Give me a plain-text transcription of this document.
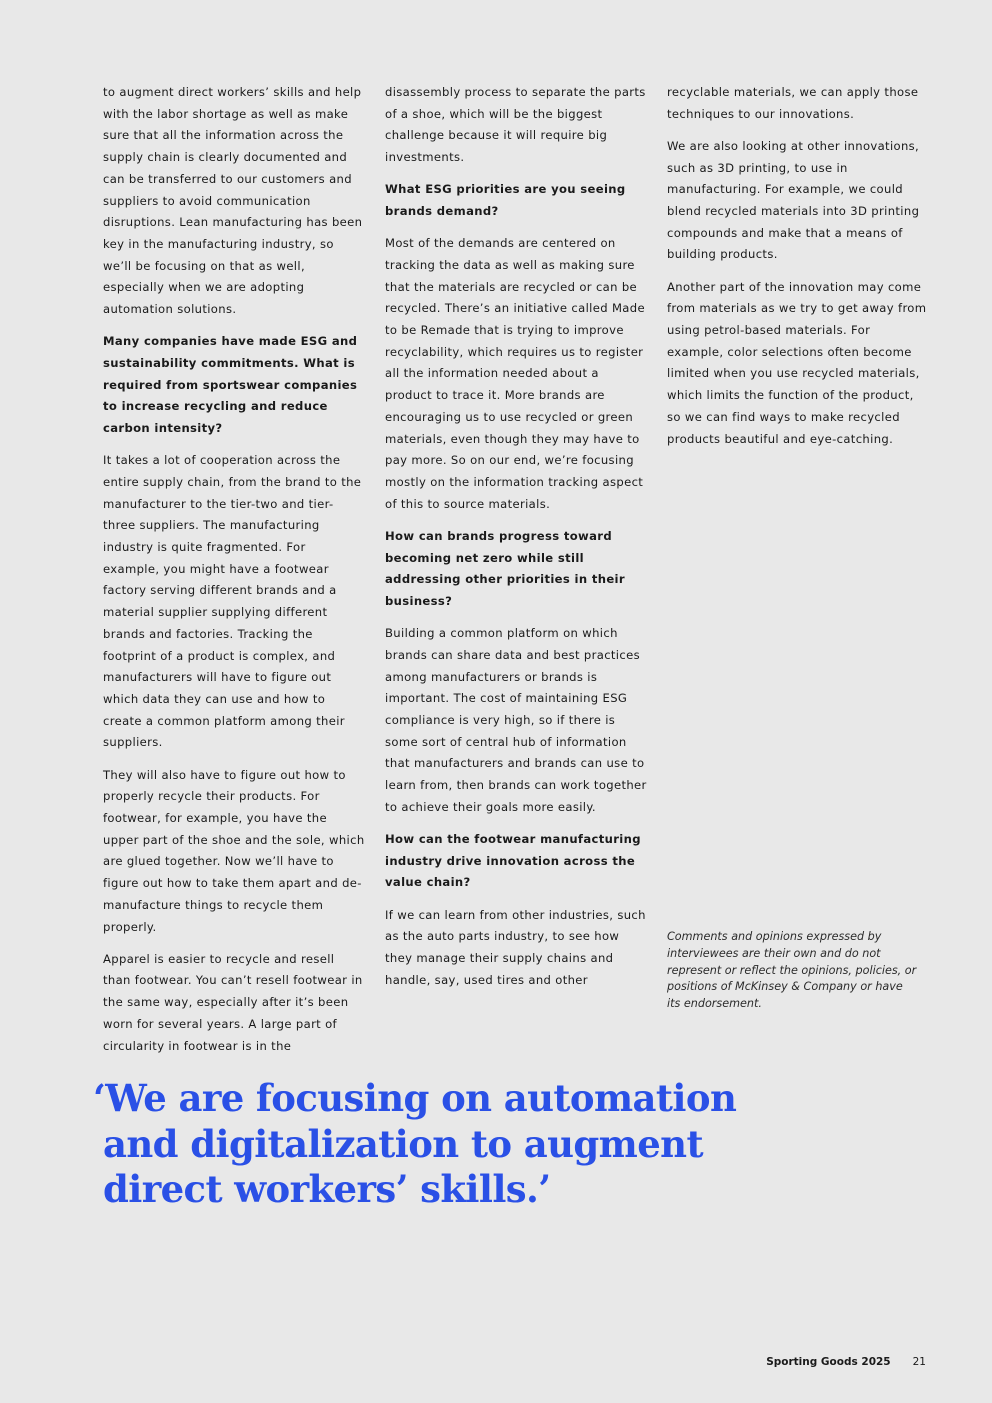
to augment direct workers’ skills and help with the labor shortage as well as make sure that all the information across the supply chain is clearly documented and can be transferred to our customers and suppliers to avoid communication disruptions. Lean manufacturing has been key in the manufacturing industry, so we’ll be focusing on that as well, especially when we are adopting automation solutions.

Many companies have made ESG and sustainability commitments. What is required from sportswear companies to increase recycling and reduce carbon intensity?

It takes a lot of cooperation across the entire supply chain, from the brand to the manufacturer to the tier-two and tier-three suppliers. The manufacturing industry is quite fragmented. For example, you might have a footwear factory serving different brands and a material supplier supplying different brands and factories. Tracking the footprint of a product is complex, and manufacturers will have to figure out which data they can use and how to create a common platform among their suppliers.

They will also have to figure out how to properly recycle their products. For footwear, for example, you have the upper part of the shoe and the sole, which are glued together. Now we’ll have to figure out how to take them apart and de-manufacture things to recycle them properly.

Apparel is easier to recycle and resell than footwear. You can’t resell footwear in the same way, especially after it’s been worn for several years. A large part of circularity in footwear is in the

disassembly process to separate the parts of a shoe, which will be the biggest challenge because it will require big investments.

What ESG priorities are you seeing brands demand?

Most of the demands are centered on tracking the data as well as making sure that the materials are recycled or can be recycled. There’s an initiative called Made to be Remade that is trying to improve recyclability, which requires us to register all the information needed about a product to trace it. More brands are encouraging us to use recycled or green materials, even though they may have to pay more. So on our end, we’re focusing mostly on the information tracking aspect of this to source materials.

How can brands progress toward becoming net zero while still addressing other priorities in their business?

Building a common platform on which brands can share data and best practices among manufacturers or brands is important. The cost of maintaining ESG compliance is very high, so if there is some sort of central hub of information that manufacturers and brands can use to learn from, then brands can work together to achieve their goals more easily.

How can the footwear manufacturing industry drive innovation across the value chain?

If we can learn from other industries, such as the auto parts industry, to see how they manage their supply chains and handle, say, used tires and other

recyclable materials, we can apply those techniques to our innovations.

We are also looking at other innovations, such as 3D printing, to use in manufacturing. For example, we could blend recycled materials into 3D printing compounds and make that a means of building products.

Another part of the innovation may come from materials as we try to get away from using petrol-based materials. For example, color selections often become limited when you use recycled materials, which limits the function of the product, so we can find ways to make recycled products beautiful and eye-catching.

Comments and opinions expressed by interviewees are their own and do not represent or reflect the opinions, policies, or positions of McKinsey & Company or have its endorsement.

‘We are focusing on automation
and digitalization to augment
direct workers’ skills.’
Sporting Goods 2025 21
